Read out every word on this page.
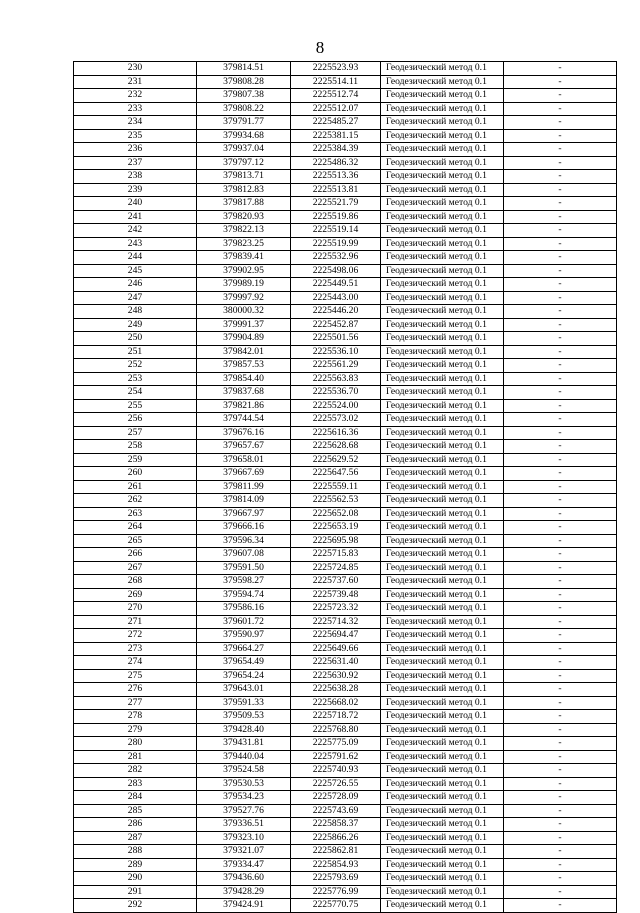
8
230	379814.51	2225523.93	Геодезический метод 0.1	-
231	379808.28	2225514.11	Геодезический метод 0.1	-
232	379807.38	2225512.74	Геодезический метод 0.1	-
233	379808.22	2225512.07	Геодезический метод 0.1	-
234	379791.77	2225485.27	Геодезический метод 0.1	-
235	379934.68	2225381.15	Геодезический метод 0.1	-
236	379937.04	2225384.39	Геодезический метод 0.1	-
237	379797.12	2225486.32	Геодезический метод 0.1	-
238	379813.71	2225513.36	Геодезический метод 0.1	-
239	379812.83	2225513.81	Геодезический метод 0.1	-
240	379817.88	2225521.79	Геодезический метод 0.1	-
241	379820.93	2225519.86	Геодезический метод 0.1	-
242	379822.13	2225519.14	Геодезический метод 0.1	-
243	379823.25	2225519.99	Геодезический метод 0.1	-
244	379839.41	2225532.96	Геодезический метод 0.1	-
245	379902.95	2225498.06	Геодезический метод 0.1	-
246	379989.19	2225449.51	Геодезический метод 0.1	-
247	379997.92	2225443.00	Геодезический метод 0.1	-
248	380000.32	2225446.20	Геодезический метод 0.1	-
249	379991.37	2225452.87	Геодезический метод 0.1	-
250	379904.89	2225501.56	Геодезический метод 0.1	-
251	379842.01	2225536.10	Геодезический метод 0.1	-
252	379857.53	2225561.29	Геодезический метод 0.1	-
253	379854.40	2225563.83	Геодезический метод 0.1	-
254	379837.68	2225536.70	Геодезический метод 0.1	-
255	379821.86	2225524.00	Геодезический метод 0.1	-
256	379744.54	2225573.02	Геодезический метод 0.1	-
257	379676.16	2225616.36	Геодезический метод 0.1	-
258	379657.67	2225628.68	Геодезический метод 0.1	-
259	379658.01	2225629.52	Геодезический метод 0.1	-
260	379667.69	2225647.56	Геодезический метод 0.1	-
261	379811.99	2225559.11	Геодезический метод 0.1	-
262	379814.09	2225562.53	Геодезический метод 0.1	-
263	379667.97	2225652.08	Геодезический метод 0.1	-
264	379666.16	2225653.19	Геодезический метод 0.1	-
265	379596.34	2225695.98	Геодезический метод 0.1	-
266	379607.08	2225715.83	Геодезический метод 0.1	-
267	379591.50	2225724.85	Геодезический метод 0.1	-
268	379598.27	2225737.60	Геодезический метод 0.1	-
269	379594.74	2225739.48	Геодезический метод 0.1	-
270	379586.16	2225723.32	Геодезический метод 0.1	-
271	379601.72	2225714.32	Геодезический метод 0.1	-
272	379590.97	2225694.47	Геодезический метод 0.1	-
273	379664.27	2225649.66	Геодезический метод 0.1	-
274	379654.49	2225631.40	Геодезический метод 0.1	-
275	379654.24	2225630.92	Геодезический метод 0.1	-
276	379643.01	2225638.28	Геодезический метод 0.1	-
277	379591.33	2225668.02	Геодезический метод 0.1	-
278	379509.53	2225718.72	Геодезический метод 0.1	-
279	379428.40	2225768.80	Геодезический метод 0.1	-
280	379431.81	2225775.09	Геодезический метод 0.1	-
281	379440.04	2225791.62	Геодезический метод 0.1	-
282	379524.58	2225740.93	Геодезический метод 0.1	-
283	379530.53	2225726.55	Геодезический метод 0.1	-
284	379534.23	2225728.09	Геодезический метод 0.1	-
285	379527.76	2225743.69	Геодезический метод 0.1	-
286	379336.51	2225858.37	Геодезический метод 0.1	-
287	379323.10	2225866.26	Геодезический метод 0.1	-
288	379321.07	2225862.81	Геодезический метод 0.1	-
289	379334.47	2225854.93	Геодезический метод 0.1	-
290	379436.60	2225793.69	Геодезический метод 0.1	-
291	379428.29	2225776.99	Геодезический метод 0.1	-
292	379424.91	2225770.75	Геодезический метод 0.1	-
